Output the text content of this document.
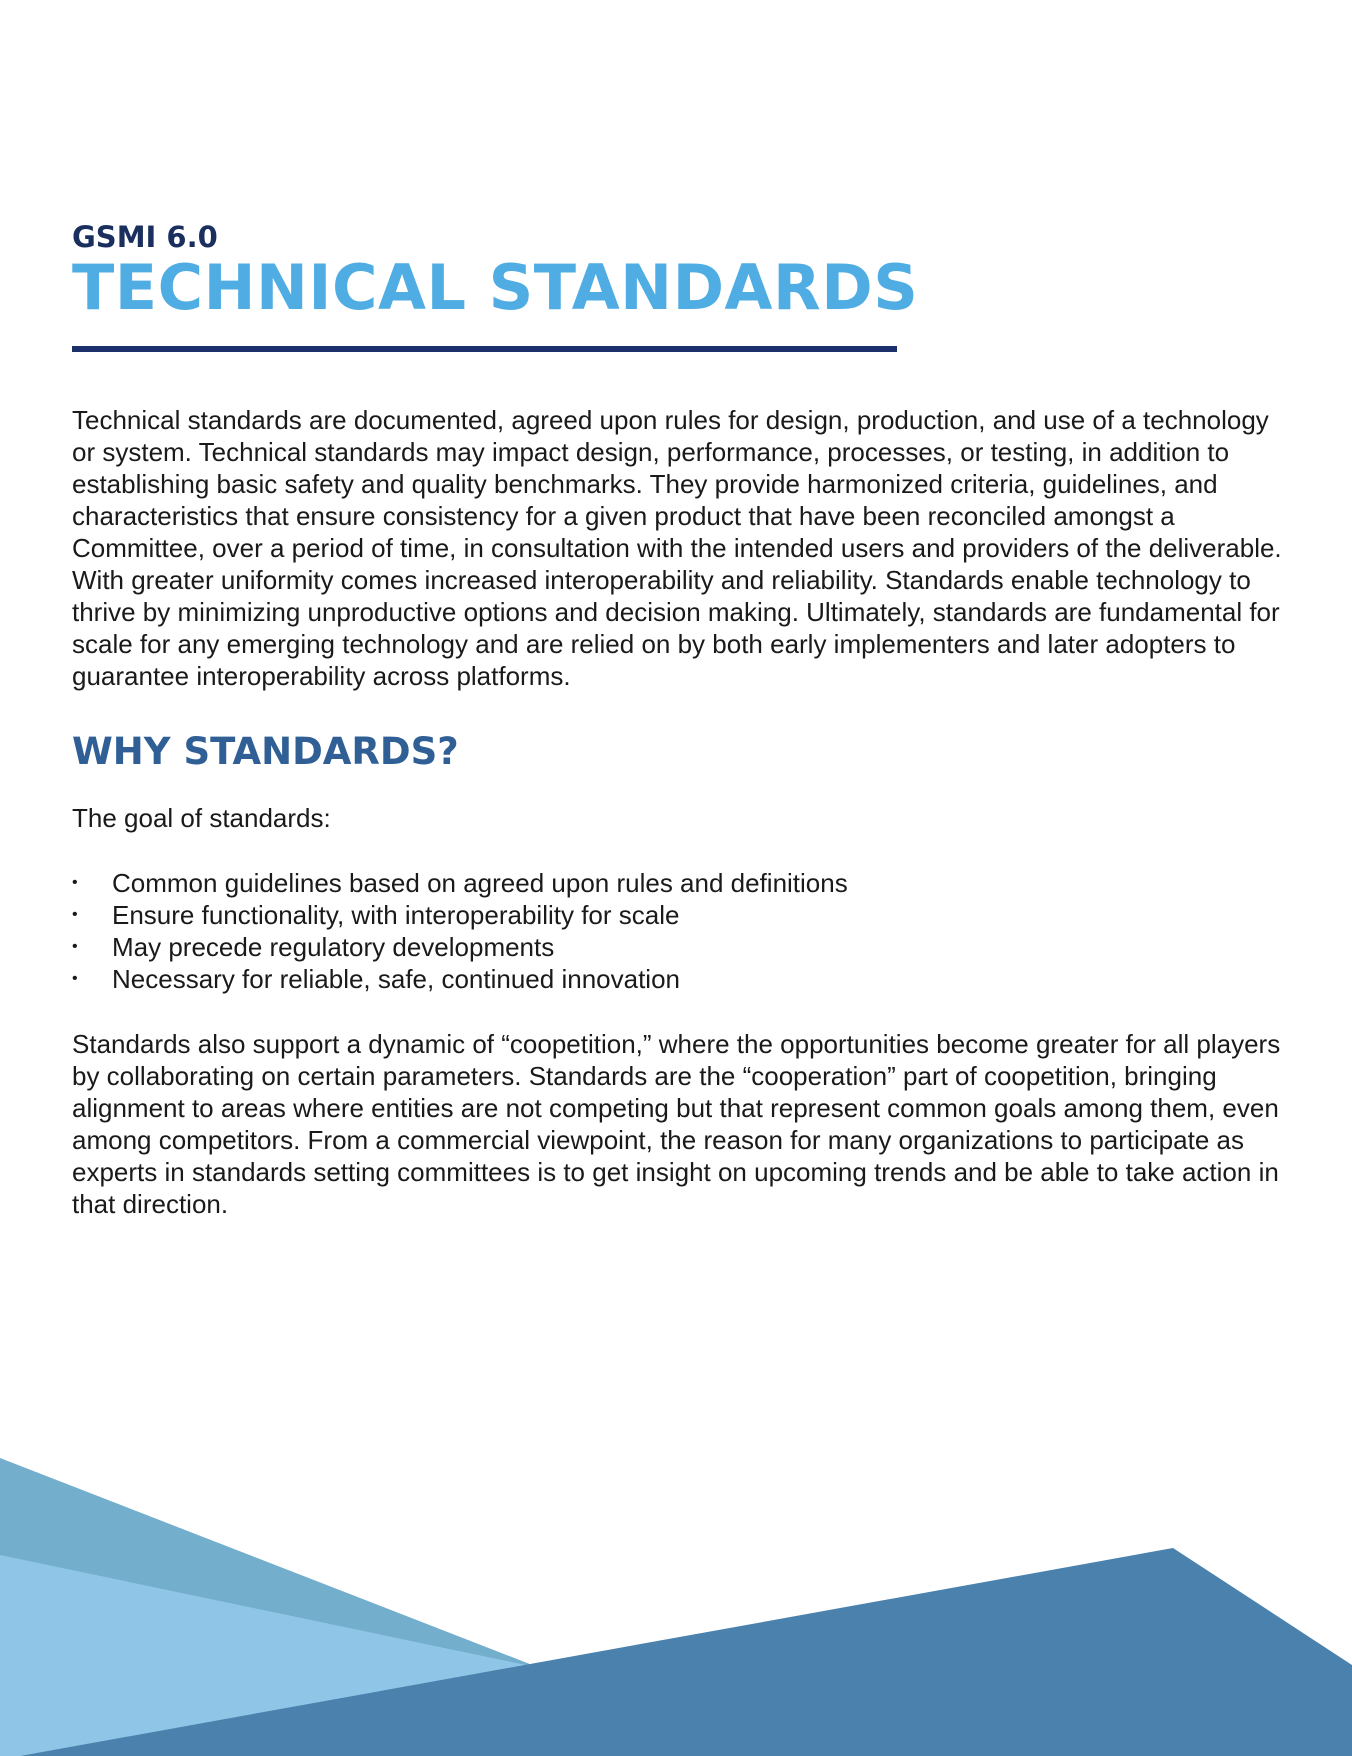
GSMI 6.0

TECHNICAL STANDARDS

Technical standards are documented, agreed upon rules for design, production, and use of a technology or system. Technical standards may impact design, performance, processes, or testing, in addition to establishing basic safety and quality benchmarks. They provide harmonized criteria, guidelines, and characteristics that ensure consistency for a given product that have been reconciled amongst a Committee, over a period of time, in consultation with the intended users and providers of the deliverable. With greater uniformity comes increased interoperability and reliability. Standards enable technology to thrive by minimizing unproductive options and decision making. Ultimately, standards are fundamental for scale for any emerging technology and are relied on by both early implementers and later adopters to guarantee interoperability across platforms.

WHY STANDARDS?

The goal of standards:

•	Common guidelines based on agreed upon rules and definitions
•	Ensure functionality, with interoperability for scale
•	May precede regulatory developments
•	Necessary for reliable, safe, continued innovation

Standards also support a dynamic of “coopetition,” where the opportunities become greater for all players by collaborating on certain parameters. Standards are the “cooperation” part of coopetition, bringing alignment to areas where entities are not competing but that represent common goals among them, even among competitors. From a commercial viewpoint, the reason for many organizations to participate as experts in standards setting committees is to get insight on upcoming trends and be able to take action in that direction.
